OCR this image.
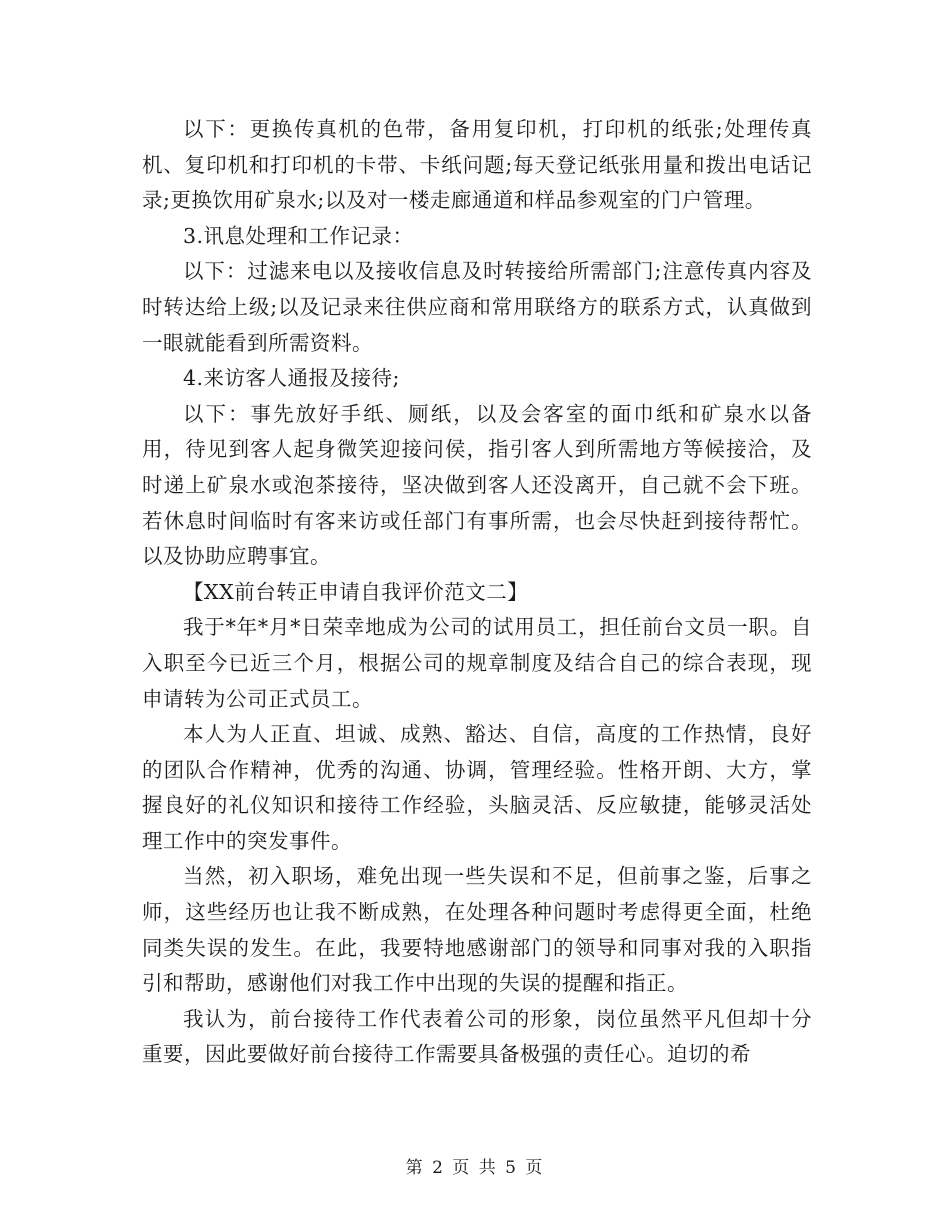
以下：更换传真机的色带，备用复印机，打印机的纸张;处理传真机、复印机和打印机的卡带、卡纸问题;每天登记纸张用量和拨出电话记录;更换饮用矿泉水;以及对一楼走廊通道和样品参观室的门户管理。

3.讯息处理和工作记录：

以下：过滤来电以及接收信息及时转接给所需部门;注意传真内容及时转达给上级;以及记录来往供应商和常用联络方的联系方式，认真做到一眼就能看到所需资料。

4.来访客人通报及接待;

以下：事先放好手纸、厕纸，以及会客室的面巾纸和矿泉水以备用，待见到客人起身微笑迎接问侯，指引客人到所需地方等候接洽，及时递上矿泉水或泡茶接待，坚决做到客人还没离开，自己就不会下班。若休息时间临时有客来访或任部门有事所需，也会尽快赶到接待帮忙。以及协助应聘事宜。

【XX前台转正申请自我评价范文二】

我于*年*月*日荣幸地成为公司的试用员工，担任前台文员一职。自入职至今已近三个月，根据公司的规章制度及结合自己的综合表现，现申请转为公司正式员工。

本人为人正直、坦诚、成熟、豁达、自信，高度的工作热情，良好的团队合作精神，优秀的沟通、协调，管理经验。性格开朗、大方，掌握良好的礼仪知识和接待工作经验，头脑灵活、反应敏捷，能够灵活处理工作中的突发事件。

当然，初入职场，难免出现一些失误和不足，但前事之鉴，后事之师，这些经历也让我不断成熟，在处理各种问题时考虑得更全面，杜绝同类失误的发生。在此，我要特地感谢部门的领导和同事对我的入职指引和帮助，感谢他们对我工作中出现的失误的提醒和指正。

我认为，前台接待工作代表着公司的形象，岗位虽然平凡但却十分重要，因此要做好前台接待工作需要具备极强的责任心。迫切的希

第 2 页 共 5 页
